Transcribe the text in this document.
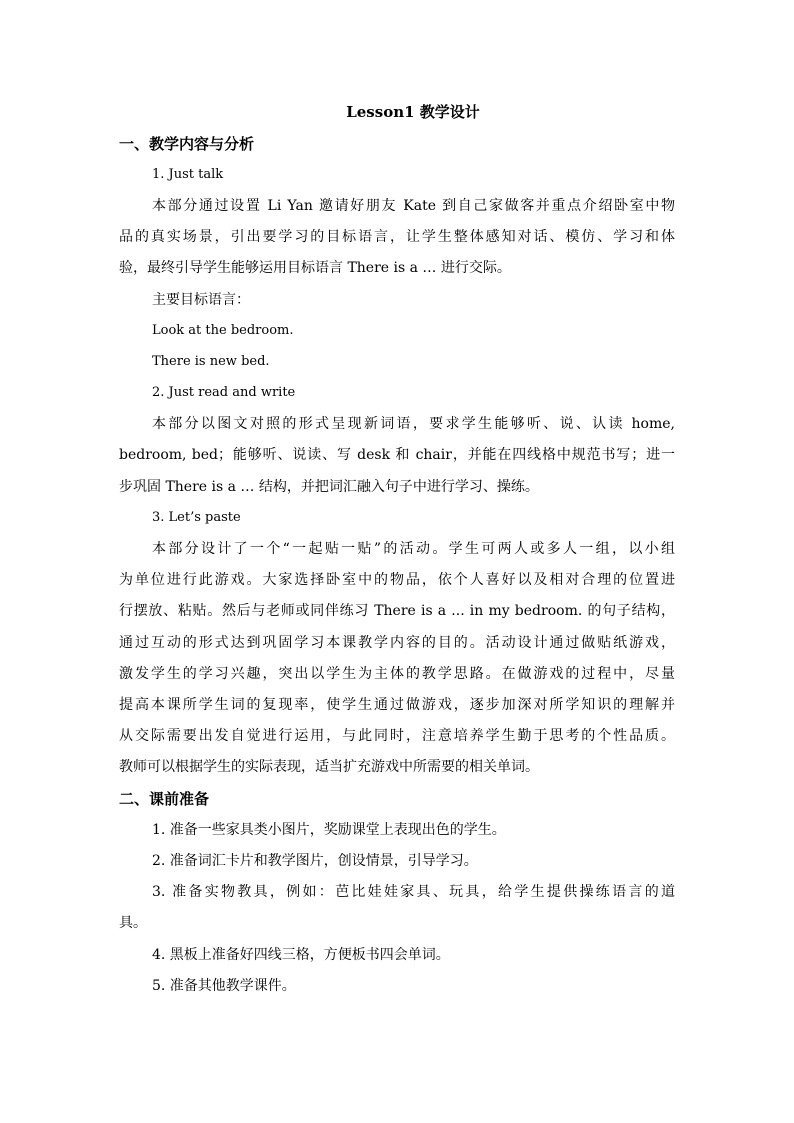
Lesson1 教学设计
一、教学内容与分析
1. Just talk
本部分通过设置 Li Yan 邀请好朋友 Kate 到自己家做客并重点介绍卧室中物
品的真实场景，引出要学习的目标语言，让学生整体感知对话、模仿、学习和体
验，最终引导学生能够运用目标语言 There is a … 进行交际。
主要目标语言：
Look at the bedroom.
There is new bed.
2. Just read and write
本部分以图文对照的形式呈现新词语，要求学生能够听、说、认读 home,
bedroom, bed；能够听、说读、写 desk 和 chair，并能在四线格中规范书写；进一
步巩固 There is a … 结构，并把词汇融入句子中进行学习、操练。
3. Let’s paste
本部分设计了一个“一起贴一贴”的活动。学生可两人或多人一组，以小组
为单位进行此游戏。大家选择卧室中的物品，依个人喜好以及相对合理的位置进
行摆放、粘贴。然后与老师或同伴练习 There is a ... in my bedroom. 的句子结构，
通过互动的形式达到巩固学习本课教学内容的目的。活动设计通过做贴纸游戏，
激发学生的学习兴趣，突出以学生为主体的教学思路。在做游戏的过程中，尽量
提高本课所学生词的复现率，使学生通过做游戏，逐步加深对所学知识的理解并
从交际需要出发自觉进行运用，与此同时，注意培养学生勤于思考的个性品质。
教师可以根据学生的实际表现，适当扩充游戏中所需要的相关单词。
二、课前准备
1. 准备一些家具类小图片，奖励课堂上表现出色的学生。
2. 准备词汇卡片和教学图片，创设情景，引导学习。
3. 准备实物教具，例如：芭比娃娃家具、玩具，给学生提供操练语言的道
具。
4. 黑板上准备好四线三格，方便板书四会单词。
5. 准备其他教学课件。
